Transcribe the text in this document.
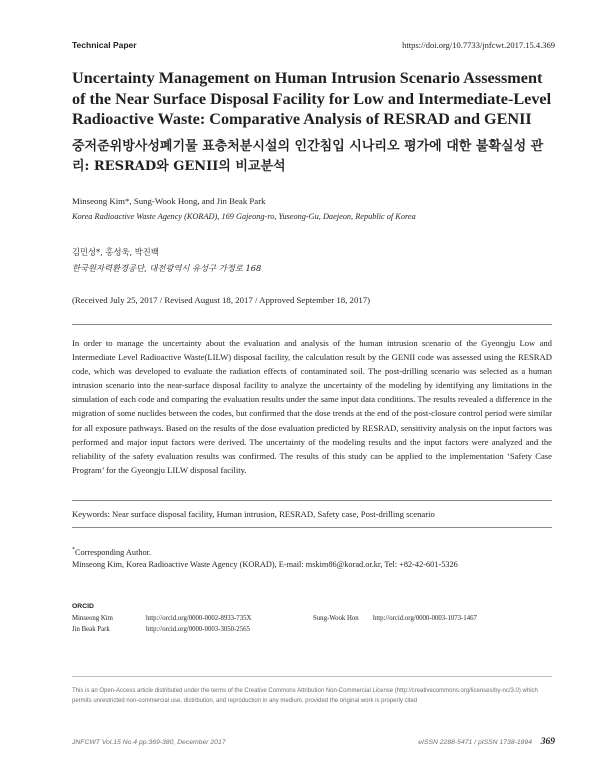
Technical Paper	https://doi.org/10.7733/jnfcwt.2017.15.4.369
Uncertainty Management on Human Intrusion Scenario Assessment of the Near Surface Disposal Facility for Low and Intermediate-Level Radioactive Waste: Comparative Analysis of RESRAD and GENII
중저준위방사성폐기물 표층처분시설의 인간침입 시나리오 평가에 대한 불확실성 관리: RESRAD와 GENII의 비교분석
Minseong Kim*, Sung-Wook Hong, and Jin Beak Park
Korea Radioactive Waste Agency (KORAD), 169 Gajeong-ro, Yuseong-Gu, Daejeon, Republic of Korea
김민성*, 홍성욱, 박진백
한국원자력환경공단, 대전광역시 유성구 가정로 168
(Received July 25, 2017 / Revised August 18, 2017 / Approved September 18, 2017)

In order to manage the uncertainty about the evaluation and analysis of the human intrusion scenario of the Gyeongju Low and Intermediate Level Radioactive Waste(LILW) disposal facility, the calculation result by the GENII code was assessed using the RESRAD code, which was developed to evaluate the radiation effects of contaminated soil. The post-drilling scenario was selected as a human intrusion scenario into the near-surface disposal facility to analyze the uncertainty of the modeling by identifying any limitations in the simulation of each code and comparing the evaluation results under the same input data conditions. The results revealed a difference in the migration of some nuclides between the codes, but confirmed that the dose trends at the end of the post-closure control period were similar for all exposure pathways. Based on the results of the dose evaluation predicted by RESRAD, sensitivity analysis on the input factors was performed and major input factors were derived. The uncertainty of the modeling results and the input factors were analyzed and the reliability of the safety evaluation results was confirmed. The results of this study can be applied to the implementation ‘Safety Case Program’ for the Gyeongju LILW disposal facility.

Keywords: Near surface disposal facility, Human intrusion, RESRAD, Safety case, Post-drilling scenario
*Corresponding Author.
Minseong Kim, Korea Radioactive Waste Agency (KORAD), E-mail: mskim86@korad.or.kr, Tel: +82-42-601-5326
ORCID
Minseong Kim	http://orcid.org/0000-0002-8933-735X	Sung-Wook Hon http://orcid.org/0000-0003-1073-1467
Jin Beak Park	http://orcid.org/0000-0003-3050-2565
This is an Open-Access article distributed under the terms of the Creative Commons Attribution Non-Commercial License (http://creativecommons.org/licenses/by-nc/3.0) which permits unrestricted non-commercial use, distribution, and reproduction in any medium, provided the original work is properly cited
JNFCWT Vol.15 No.4 pp.369-380, December 2017	eISSN 2288-5471 / pISSN 1738-1894 369
